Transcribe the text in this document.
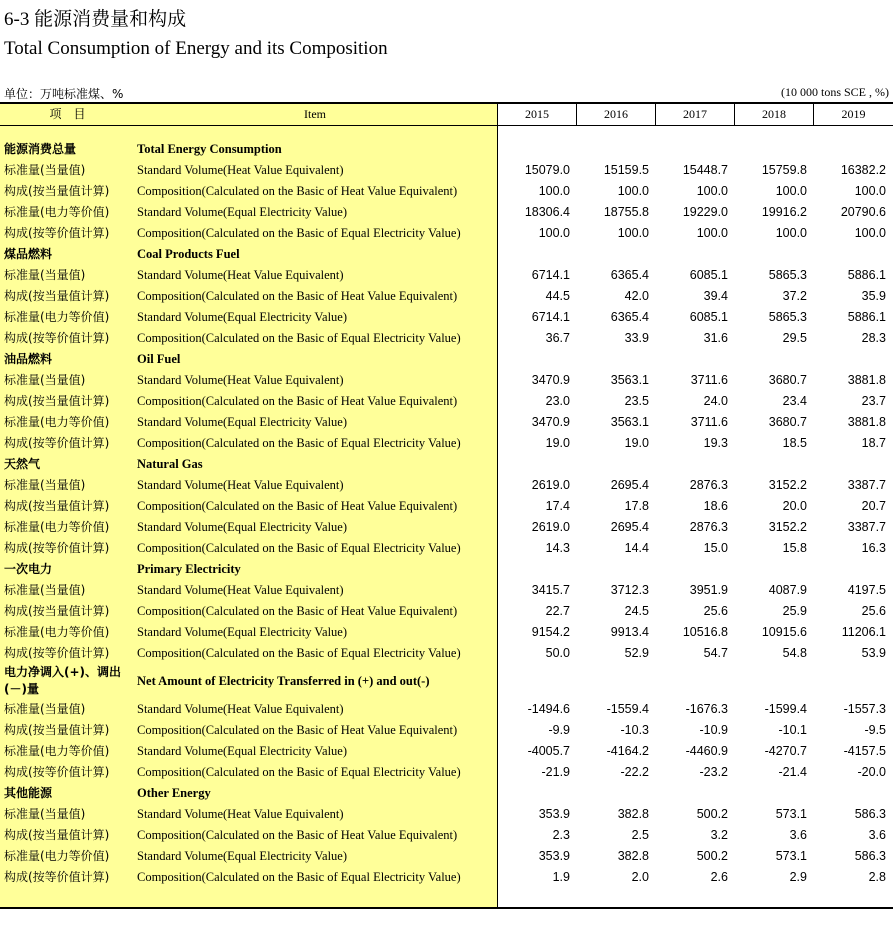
6-3 能源消费量和构成
Total Consumption of Energy and its Composition
单位：万吨标准煤、%	(10 000 tons SCE , %)
项　目	Item	2015	2016	2017	2018	2019
能源消费总量	Total Energy Consumption
标准量(当量值)	Standard Volume(Heat Value Equivalent)	15079.0	15159.5	15448.7	15759.8	16382.2
构成(按当量值计算) Composition(Calculated on the Basic of Heat Value Equivalent)	100.0	100.0	100.0	100.0	100.0
标准量(电力等价值) Standard Volume(Equal Electricity Value)	18306.4	18755.8	19229.0	19916.2	20790.6
构成(按等价值计算) Composition(Calculated on the Basic of Equal Electricity Value)	100.0	100.0	100.0	100.0	100.0
煤品燃料	Coal Products Fuel
标准量(当量值)	Standard Volume(Heat Value Equivalent)	6714.1	6365.4	6085.1	5865.3	5886.1
构成(按当量值计算) Composition(Calculated on the Basic of Heat Value Equivalent)	44.5	42.0	39.4	37.2	35.9
标准量(电力等价值) Standard Volume(Equal Electricity Value)	6714.1	6365.4	6085.1	5865.3	5886.1
构成(按等价值计算) Composition(Calculated on the Basic of Equal Electricity Value)	36.7	33.9	31.6	29.5	28.3
油品燃料	Oil Fuel
标准量(当量值)	Standard Volume(Heat Value Equivalent)	3470.9	3563.1	3711.6	3680.7	3881.8
构成(按当量值计算) Composition(Calculated on the Basic of Heat Value Equivalent)	23.0	23.5	24.0	23.4	23.7
标准量(电力等价值) Standard Volume(Equal Electricity Value)	3470.9	3563.1	3711.6	3680.7	3881.8
构成(按等价值计算) Composition(Calculated on the Basic of Equal Electricity Value)	19.0	19.0	19.3	18.5	18.7
天然气	Natural Gas
标准量(当量值)	Standard Volume(Heat Value Equivalent)	2619.0	2695.4	2876.3	3152.2	3387.7
构成(按当量值计算) Composition(Calculated on the Basic of Heat Value Equivalent)	17.4	17.8	18.6	20.0	20.7
标准量(电力等价值) Standard Volume(Equal Electricity Value)	2619.0	2695.4	2876.3	3152.2	3387.7
构成(按等价值计算) Composition(Calculated on the Basic of Equal Electricity Value)	14.3	14.4	15.0	15.8	16.3
一次电力	Primary Electricity
标准量(当量值)	Standard Volume(Heat Value Equivalent)	3415.7	3712.3	3951.9	4087.9	4197.5
构成(按当量值计算) Composition(Calculated on the Basic of Heat Value Equivalent)	22.7	24.5	25.6	25.9	25.6
标准量(电力等价值) Standard Volume(Equal Electricity Value)	9154.2	9913.4	10516.8	10915.6	11206.1
构成(按等价值计算) Composition(Calculated on the Basic of Equal Electricity Value)	50.0	52.9	54.7	54.8	53.9
电力净调入(+)、调出(－)量
Net Amount of Electricity Transferred in (+) and out(-)
标准量(当量值)	Standard Volume(Heat Value Equivalent)	-1494.6	-1559.4	-1676.3	-1599.4	-1557.3
构成(按当量值计算) Composition(Calculated on the Basic of Heat Value Equivalent)	-9.9	-10.3	-10.9	-10.1	-9.5
标准量(电力等价值) Standard Volume(Equal Electricity Value)	-4005.7	-4164.2	-4460.9	-4270.7	-4157.5
构成(按等价值计算) Composition(Calculated on the Basic of Equal Electricity Value)	-21.9	-22.2	-23.2	-21.4	-20.0
其他能源	Other Energy
标准量(当量值)	Standard Volume(Heat Value Equivalent)	353.9	382.8	500.2	573.1	586.3
构成(按当量值计算) Composition(Calculated on the Basic of Heat Value Equivalent)	2.3	2.5	3.2	3.6	3.6
标准量(电力等价值) Standard Volume(Equal Electricity Value)	353.9	382.8	500.2	573.1	586.3
构成(按等价值计算) Composition(Calculated on the Basic of Equal Electricity Value)	1.9	2.0	2.6	2.9	2.8
